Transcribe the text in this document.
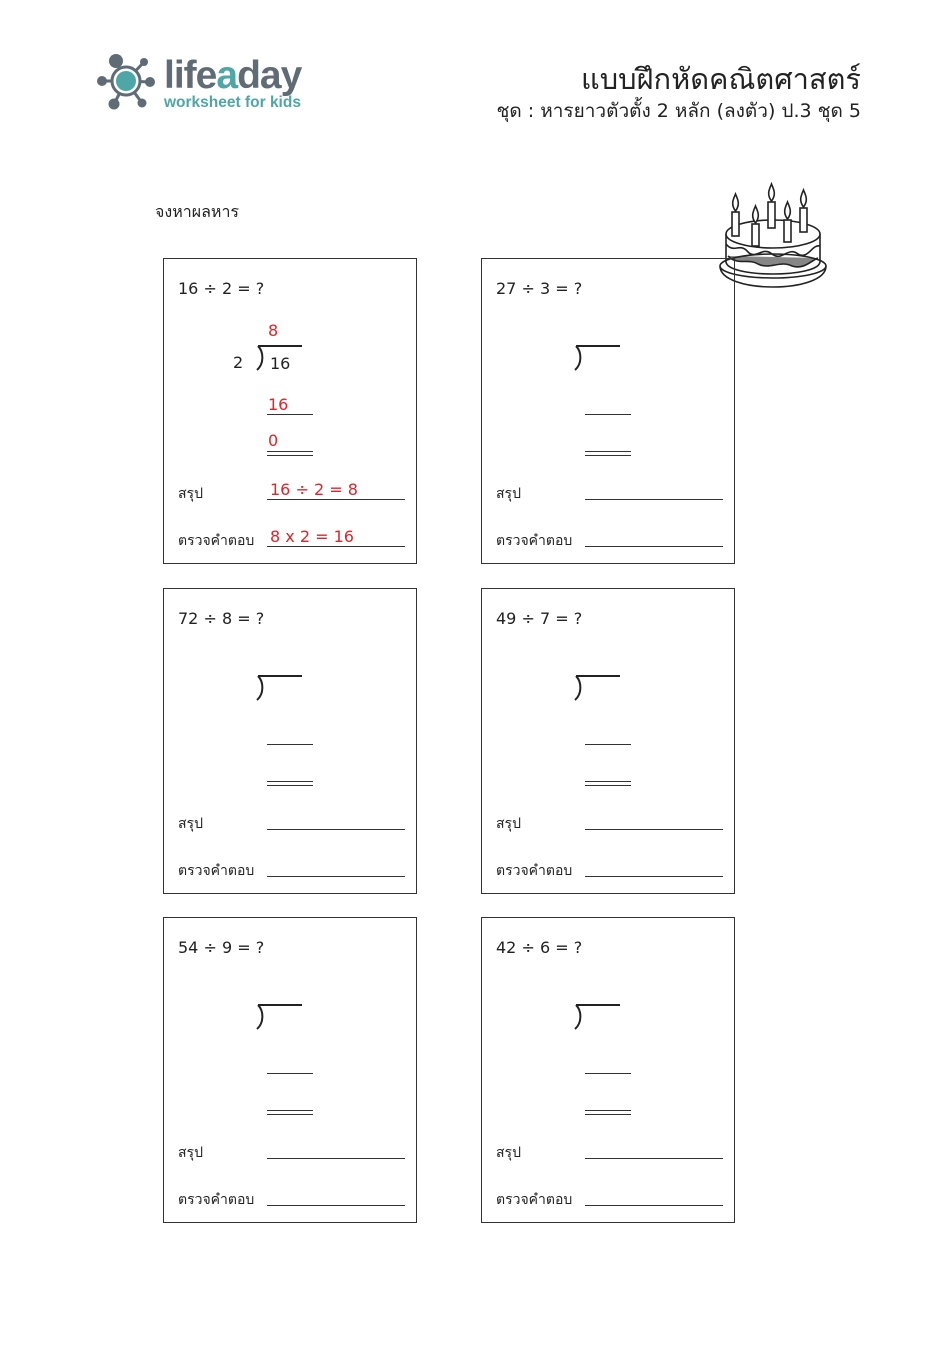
lifeaday
worksheet for kids
แบบฝึกหัดคณิตศาสตร์
ชุด : หารยาวตัวตั้ง 2 หลัก (ลงตัว) ป.3 ชุด 5
จงหาผลหาร
16 ÷ 2 = ?
8
2 16
16
0
สรุป	16 ÷ 2 = 8
ตรวจคำตอบ 8 x 2 = 16
27 ÷ 3 = ?
สรุป
ตรวจคำตอบ
72 ÷ 8 = ?
สรุป
ตรวจคำตอบ
49 ÷ 7 = ?
สรุป
ตรวจคำตอบ
54 ÷ 9 = ?
สรุป
ตรวจคำตอบ
42 ÷ 6 = ?
สรุป
ตรวจคำตอบ
